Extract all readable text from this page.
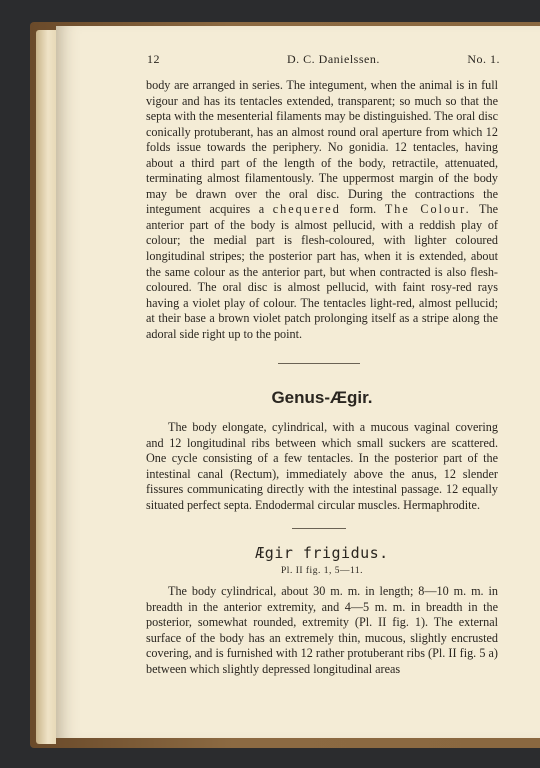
12	D. C. Danielssen.	No. 1.

body are arranged in series. The integument, when the animal is in full vigour and has its tentacles extended, transparent; so much so that the septa with the mesenterial filaments may be distinguished. The oral disc conically protuberant, has an almost round oral aperture from which 12 folds issue towards the periphery. No gonidia. 12 tentacles, having about a third part of the length of the body, retractile, attenuated, terminating almost filamentously. The uppermost margin of the body may be drawn over the oral disc. During the contractions the integument acquires a chequered form. The Colour. The anterior part of the body is almost pellucid, with a reddish play of colour; the medial part is flesh-coloured, with lighter coloured longitudinal stripes; the posterior part has, when it is extended, about the same colour as the anterior part, but when contracted is also flesh-coloured. The oral disc is almost pellucid, with faint rosy-red rays having a violet play of colour. The tentacles light-red, almost pellucid; at their base a brown violet patch prolonging itself as a stripe along the adoral side right up to the point.

Genus-Ægir.

The body elongate, cylindrical, with a mucous vaginal covering and 12 longitudinal ribs between which small suckers are scattered. One cycle consisting of a few tentacles. In the posterior part of the intestinal canal (Rectum), immediately above the anus, 12 slender fissures communicating directly with the intestinal passage. 12 equally situated perfect septa. Endodermal circular muscles. Hermaphrodite.

Ægir frigidus.
Pl. II fig. 1, 5—11.

The body cylindrical, about 30 m. m. in length; 8—10 m. m. in breadth in the anterior extremity, and 4—5 m. m. in breadth in the posterior, somewhat rounded, extremity (Pl. II fig. 1). The external surface of the body has an extremely thin, mucous, slightly encrusted covering, and is furnished with 12 rather protuberant ribs (Pl. II fig. 5 a) between which slightly depressed longitudinal areas
